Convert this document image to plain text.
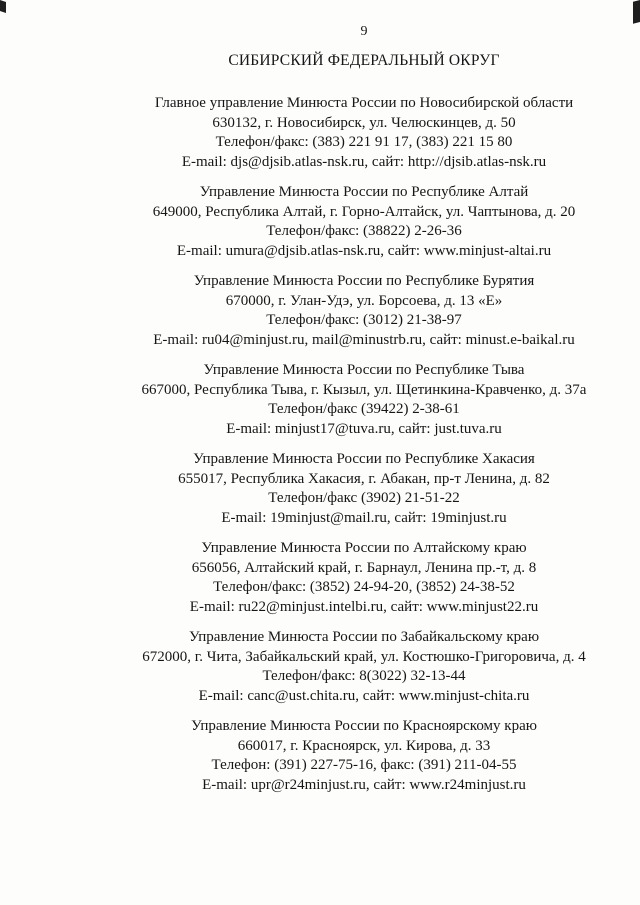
9
СИБИРСКИЙ ФЕДЕРАЛЬНЫЙ ОКРУГ
Главное управление Минюста России по Новосибирской области
630132, г. Новосибирск, ул. Челюскинцев, д. 50
Телефон/факс: (383) 221 91 17, (383) 221 15 80
E-mail: djs@djsib.atlas-nsk.ru, сайт: http://djsib.atlas-nsk.ru
Управление Минюста России по Республике Алтай
649000, Республика Алтай, г. Горно-Алтайск, ул. Чаптынова, д. 20
Телефон/факс: (38822) 2-26-36
E-mail: umura@djsib.atlas-nsk.ru, сайт: www.minjust-altai.ru
Управление Минюста России по Республике Бурятия
670000, г. Улан-Удэ, ул. Борсоева, д. 13 «Е»
Телефон/факс: (3012) 21-38-97
E-mail: ru04@minjust.ru, mail@minustrb.ru, сайт: minust.e-baikal.ru
Управление Минюста России по Республике Тыва
667000, Республика Тыва, г. Кызыл, ул. Щетинкина-Кравченко, д. 37а
Телефон/факс (39422) 2-38-61
E-mail: minjust17@tuva.ru, сайт: just.tuva.ru
Управление Минюста России по Республике Хакасия
655017, Республика Хакасия, г. Абакан, пр-т Ленина, д. 82
Телефон/факс (3902) 21-51-22
E-mail: 19minjust@mail.ru, сайт: 19minjust.ru
Управление Минюста России по Алтайскому краю
656056, Алтайский край, г. Барнаул, Ленина пр.-т, д. 8
Телефон/факс: (3852) 24-94-20, (3852) 24-38-52
E-mail: ru22@minjust.intelbi.ru, сайт: www.minjust22.ru
Управление Минюста России по Забайкальскому краю
672000, г. Чита, Забайкальский край, ул. Костюшко-Григоровича, д. 4
Телефон/факс: 8(3022) 32-13-44
E-mail: canc@ust.chita.ru, сайт: www.minjust-chita.ru
Управление Минюста России по Красноярскому краю
660017, г. Красноярск, ул. Кирова, д. 33
Телефон: (391) 227-75-16, факс: (391) 211-04-55
E-mail: upr@r24minjust.ru, сайт: www.r24minjust.ru
